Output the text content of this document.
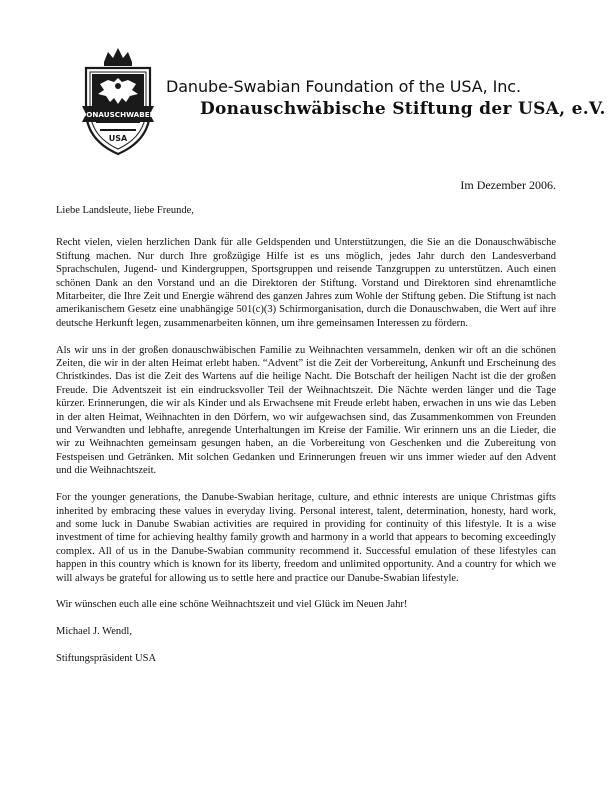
DONAUSCHWABEN
USA
Danube-Swabian Foundation of the USA, Inc.
Donauschwäbische Stiftung der USA, e.V.
Im Dezember 2006.

Liebe Landsleute, liebe Freunde,

Recht vielen, vielen herzlichen Dank für alle Geldspenden und Unterstützungen, die Sie an die Donauschwäbische Stiftung machen. Nur durch Ihre großzügige Hilfe ist es uns möglich, jedes Jahr durch den Landesverband Sprachschulen, Jugend- und Kindergruppen, Sportsgruppen und reisende Tanzgruppen zu unterstützen. Auch einen schönen Dank an den Vorstand und an die Direktoren der Stiftung. Vorstand und Direktoren sind ehrenamtliche Mitarbeiter, die Ihre Zeit und Energie während des ganzen Jahres zum Wohle der Stiftung geben. Die Stiftung ist nach amerikanischem Gesetz eine unabhängige 501(c)(3) Schirmorganisation, durch die Donauschwaben, die Wert auf ihre deutsche Herkunft legen, zusammenarbeiten können, um ihre gemeinsamen Interessen zu fördern.

Als wir uns in der großen donauschwäbischen Familie zu Weihnachten versammeln, denken wir oft an die schönen Zeiten, die wir in der alten Heimat erlebt haben. “Advent” ist die Zeit der Vorbereitung, Ankunft und Erscheinung des Christkindes. Das ist die Zeit des Wartens auf die heilige Nacht. Die Botschaft der heiligen Nacht ist die der großen Freude. Die Adventszeit ist ein eindrucksvoller Teil der Weihnachtszeit. Die Nächte werden länger und die Tage kürzer. Erinnerungen, die wir als Kinder und als Erwachsene mit Freude erlebt haben, erwachen in uns wie das Leben in der alten Heimat, Weihnachten in den Dörfern, wo wir aufgewachsen sind, das Zusammenkommen von Freunden und Verwandten und lebhafte, anregende Unterhaltungen im Kreise der Familie. Wir erinnern uns an die Lieder, die wir zu Weihnachten gemeinsam gesungen haben, an die Vorbereitung von Geschenken und die Zubereitung von Festspeisen und Getränken. Mit solchen Gedanken und Erinnerungen freuen wir uns immer wieder auf den Advent und die Weihnachtszeit.

For the younger generations, the Danube-Swabian heritage, culture, and ethnic interests are unique Christmas gifts inherited by embracing these values in everyday living. Personal interest, talent, determination, honesty, hard work, and some luck in Danube Swabian activities are required in providing for continuity of this lifestyle. It is a wise investment of time for achieving healthy family growth and harmony in a world that appears to becoming exceedingly complex. All of us in the Danube-Swabian community recommend it. Successful emulation of these lifestyles can happen in this country which is known for its liberty, freedom and unlimited opportunity. And a country for which we will always be grateful for allowing us to settle here and practice our Danube-Swabian lifestyle.

Wir wünschen euch alle eine schöne Weihnachtszeit und viel Glück im Neuen Jahr!

Michael J. Wendl,

Stiftungspräsident USA
